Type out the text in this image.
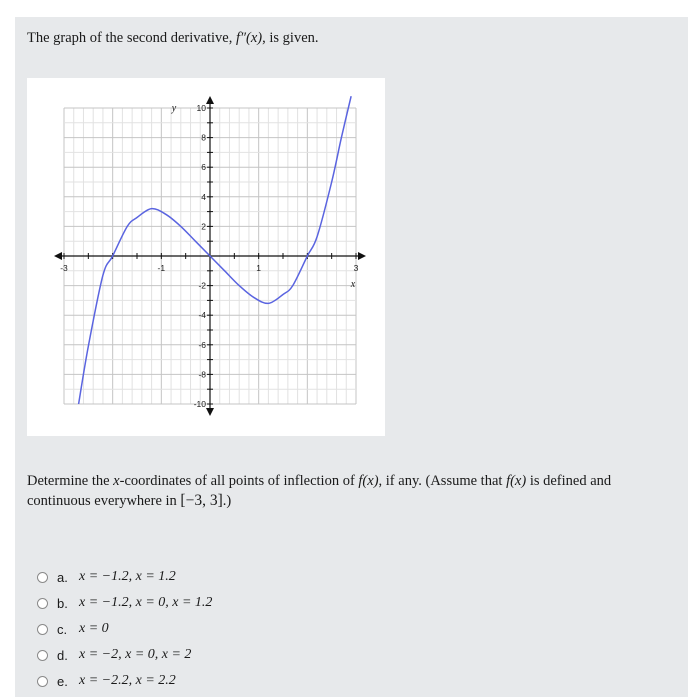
The graph of the second derivative, f″(x), is given.
-3	-1	1	3
10
8
6
4
2
-2
-4
-6
-8
-10
x
y
Determine the x-coordinates of all points of inflection of f(x), if any. (Assume that f(x) is defined and continuous everywhere in [−3, 3].)
a. x = −1.2, x = 1.2
b. x = −1.2, x = 0, x = 1.2
c. x = 0
d. x = −2, x = 0, x = 2
e. x = −2.2, x = 2.2
